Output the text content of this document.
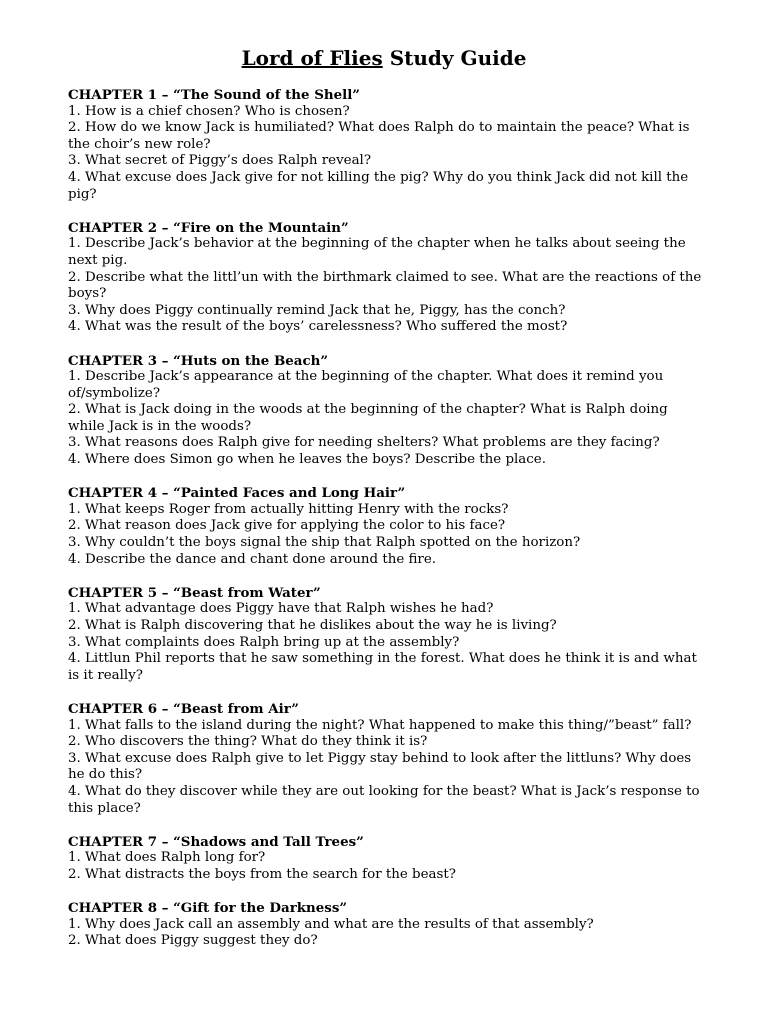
Lord of Flies Study Guide
CHAPTER 1 – “The Sound of the Shell”
1. How is a chief chosen? Who is chosen?
2. How do we know Jack is humiliated? What does Ralph do to maintain the peace? What is the choir’s new role?
3. What secret of Piggy’s does Ralph reveal?
4. What excuse does Jack give for not killing the pig? Why do you think Jack did not kill the pig?
CHAPTER 2 – “Fire on the Mountain”
1. Describe Jack’s behavior at the beginning of the chapter when he talks about seeing the next pig.
2. Describe what the littl’un with the birthmark claimed to see. What are the reactions of the boys?
3. Why does Piggy continually remind Jack that he, Piggy, has the conch?
4. What was the result of the boys’ carelessness? Who suffered the most?
CHAPTER 3 – “Huts on the Beach”
1. Describe Jack’s appearance at the beginning of the chapter. What does it remind you of/symbolize?
2. What is Jack doing in the woods at the beginning of the chapter? What is Ralph doing while Jack is in the woods?
3. What reasons does Ralph give for needing shelters? What problems are they facing?
4. Where does Simon go when he leaves the boys? Describe the place.
CHAPTER 4 – “Painted Faces and Long Hair”
1. What keeps Roger from actually hitting Henry with the rocks?
2. What reason does Jack give for applying the color to his face?
3. Why couldn’t the boys signal the ship that Ralph spotted on the horizon?
4. Describe the dance and chant done around the fire.
CHAPTER 5 – “Beast from Water”
1. What advantage does Piggy have that Ralph wishes he had?
2. What is Ralph discovering that he dislikes about the way he is living?
3. What complaints does Ralph bring up at the assembly?
4. Littlun Phil reports that he saw something in the forest. What does he think it is and what is it really?
CHAPTER 6 – “Beast from Air”
1. What falls to the island during the night? What happened to make this thing/”beast” fall?
2. Who discovers the thing? What do they think it is?
3. What excuse does Ralph give to let Piggy stay behind to look after the littluns? Why does he do this?
4. What do they discover while they are out looking for the beast? What is Jack’s response to this place?
CHAPTER 7 – “Shadows and Tall Trees”
1. What does Ralph long for?
2. What distracts the boys from the search for the beast?
CHAPTER 8 – “Gift for the Darkness”
1. Why does Jack call an assembly and what are the results of that assembly?
2. What does Piggy suggest they do?
